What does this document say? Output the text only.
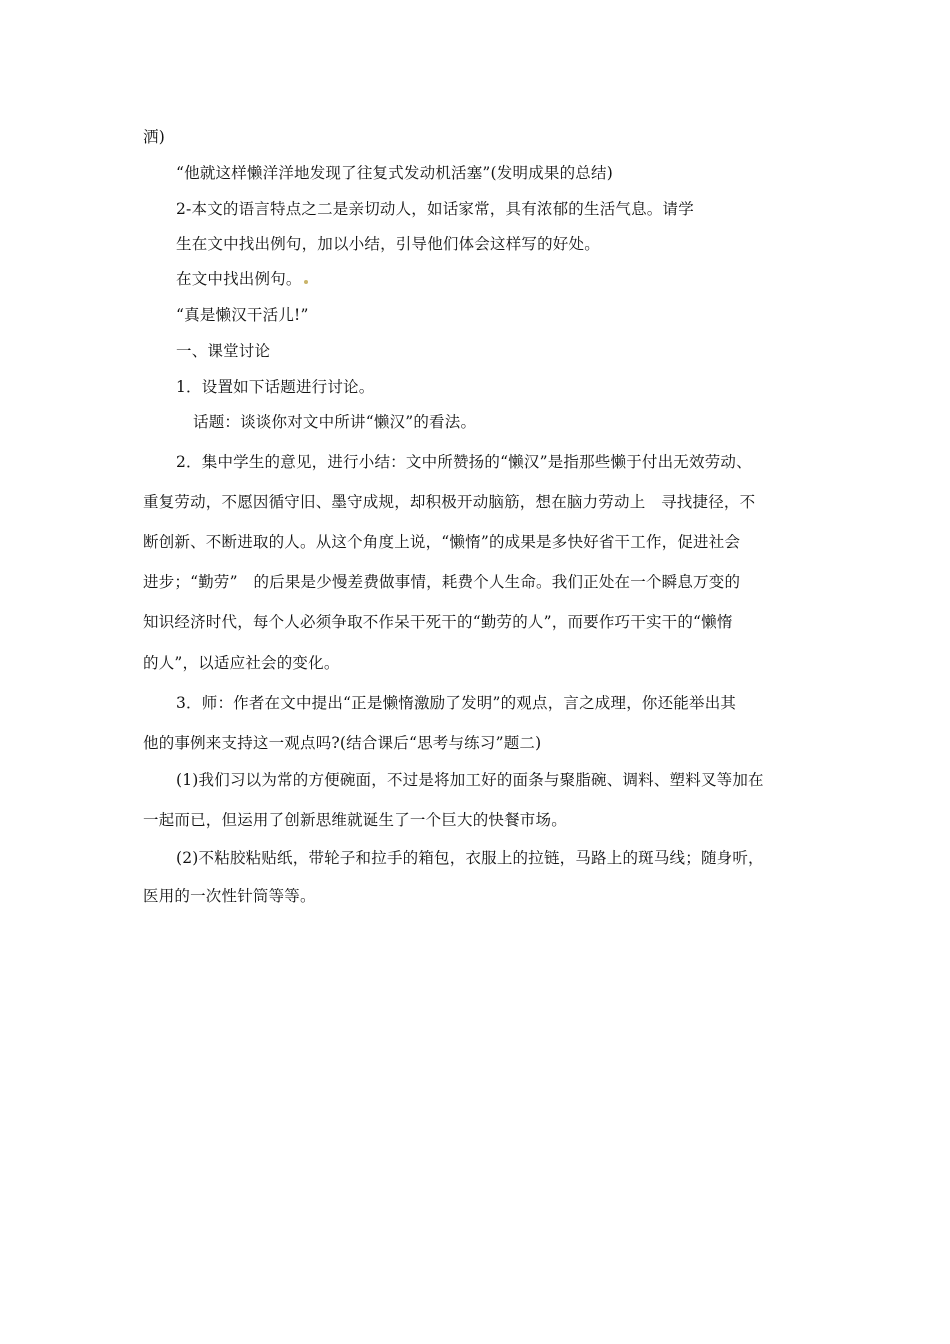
洒)
“他就这样懒洋洋地发现了往复式发动机活塞”(发明成果的总结)
2-本文的语言特点之二是亲切动人，如话家常，具有浓郁的生活气息。请学
生在文中找出例句，加以小结，引导他们体会这样写的好处。
在文中找出例句。
“真是懒汉干活儿!”
一、课堂讨论
1．设置如下话题进行讨论。
话题：谈谈你对文中所讲“懒汉”的看法。
2．集中学生的意见，进行小结：文中所赞扬的“懒汉”是指那些懒于付出无效劳动、
重复劳动，不愿因循守旧、墨守成规，却积极开动脑筋，想在脑力劳动上　寻找捷径，不
断创新、不断进取的人。从这个角度上说，“懒惰”的成果是多快好省干工作，促进社会
进步；“勤劳”　的后果是少慢差费做事情，耗费个人生命。我们正处在一个瞬息万变的
知识经济时代，每个人必须争取不作呆干死干的“勤劳的人”，而要作巧干实干的“懒惰
的人”，以适应社会的变化。
3．师：作者在文中提出“正是懒惰激励了发明”的观点，言之成理，你还能举出其
他的事例来支持这一观点吗?(结合课后“思考与练习”题二)
(1)我们习以为常的方便碗面，不过是将加工好的面条与聚脂碗、调料、塑料叉等加在
一起而已，但运用了创新思维就诞生了一个巨大的快餐市场。
(2)不粘胶粘贴纸，带轮子和拉手的箱包，衣服上的拉链，马路上的斑马线；随身听，
医用的一次性针筒等等。
